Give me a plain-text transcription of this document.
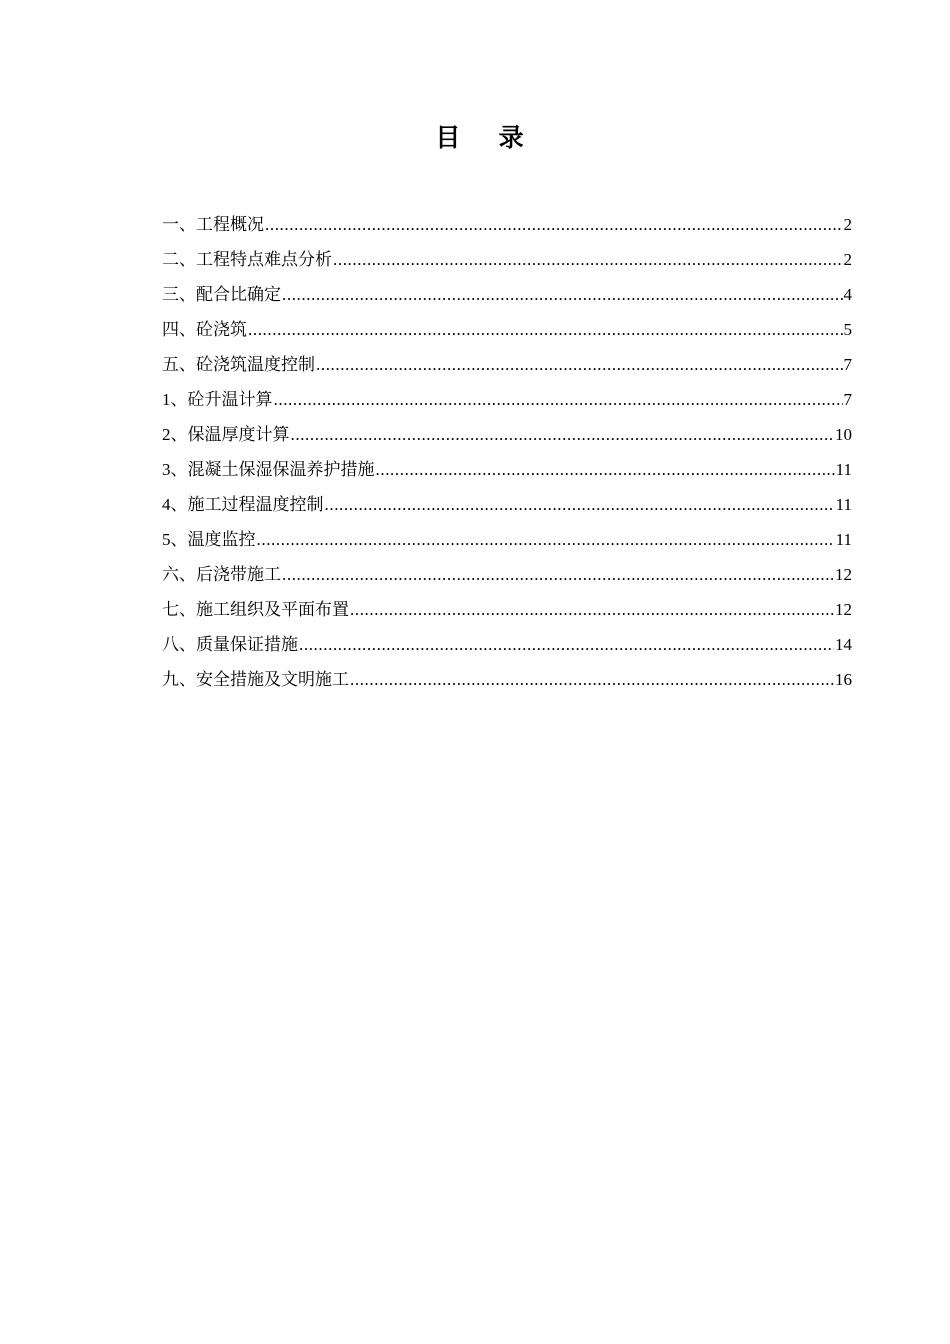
目 录
一、工程概况 .....	2
二、工程特点难点分析 .....	2
三、配合比确定 .....	4
四、砼浇筑 .....	5
五、砼浇筑温度控制 .....	7
1、砼升温计算 .....	7
2、保温厚度计算 .....	10
3、混凝土保湿保温养护措施 .....	11
4、施工过程温度控制 .....	11
5、温度监控 .....	11
六、后浇带施工 .....	12
七、施工组织及平面布置 .....	12
八、质量保证措施 .....	14
九、安全措施及文明施工 .....	16
